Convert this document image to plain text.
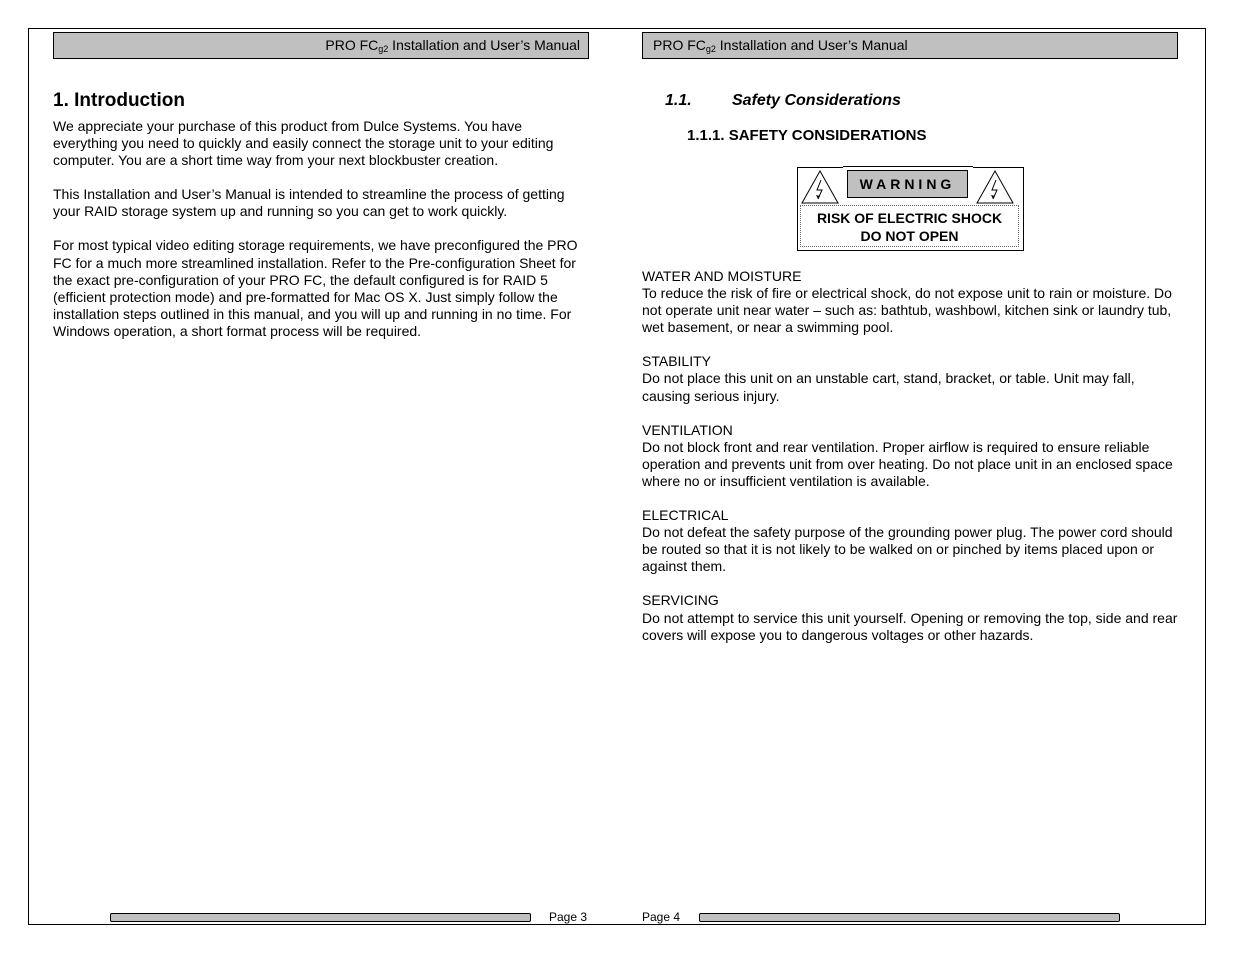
PRO $FC_{g2}$ Installation and User’s Manual
1. Introduction

We appreciate your purchase of this product from Dulce Systems. You have everything you need to quickly and easily connect the storage unit to your editing computer. You are a short time way from your next blockbuster creation.

This Installation and User’s Manual is intended to streamline the process of getting your RAID storage system up and running so you can get to work quickly.

For most typical video editing storage requirements, we have preconfigured the PRO FC for a much more streamlined installation. Refer to the Pre-configuration Sheet for the exact pre-configuration of your PRO FC, the default configured is for RAID 5 (efficient protection mode) and pre-formatted for Mac OS X. Just simply follow the installation steps outlined in this manual, and you will up and running in no time. For Windows operation, a short format process will be required.

PRO $FC_{g2}$ Installation and User’s Manual
1.1.	Safety Considerations
1.1.1. SAFETY CONSIDERATIONS
WARNING
RISK OF ELECTRIC SHOCK
DO NOT OPEN
WATER AND MOISTURE
To reduce the risk of fire or electrical shock, do not expose unit to rain or moisture. Do not operate unit near water – such as: bathtub, washbowl, kitchen sink or laundry tub, wet basement, or near a swimming pool.
STABILITY
Do not place this unit on an unstable cart, stand, bracket, or table. Unit may fall, causing serious injury.
VENTILATION
Do not block front and rear ventilation. Proper airflow is required to ensure reliable operation and prevents unit from over heating. Do not place unit in an enclosed space where no or insufficient ventilation is available.
ELECTRICAL
Do not defeat the safety purpose of the grounding power plug. The power cord should be routed so that it is not likely to be walked on or pinched by items placed upon or against them.
SERVICING
Do not attempt to service this unit yourself. Opening or removing the top, side and rear covers will expose you to dangerous voltages or other hazards.
Page 3	Page 4
